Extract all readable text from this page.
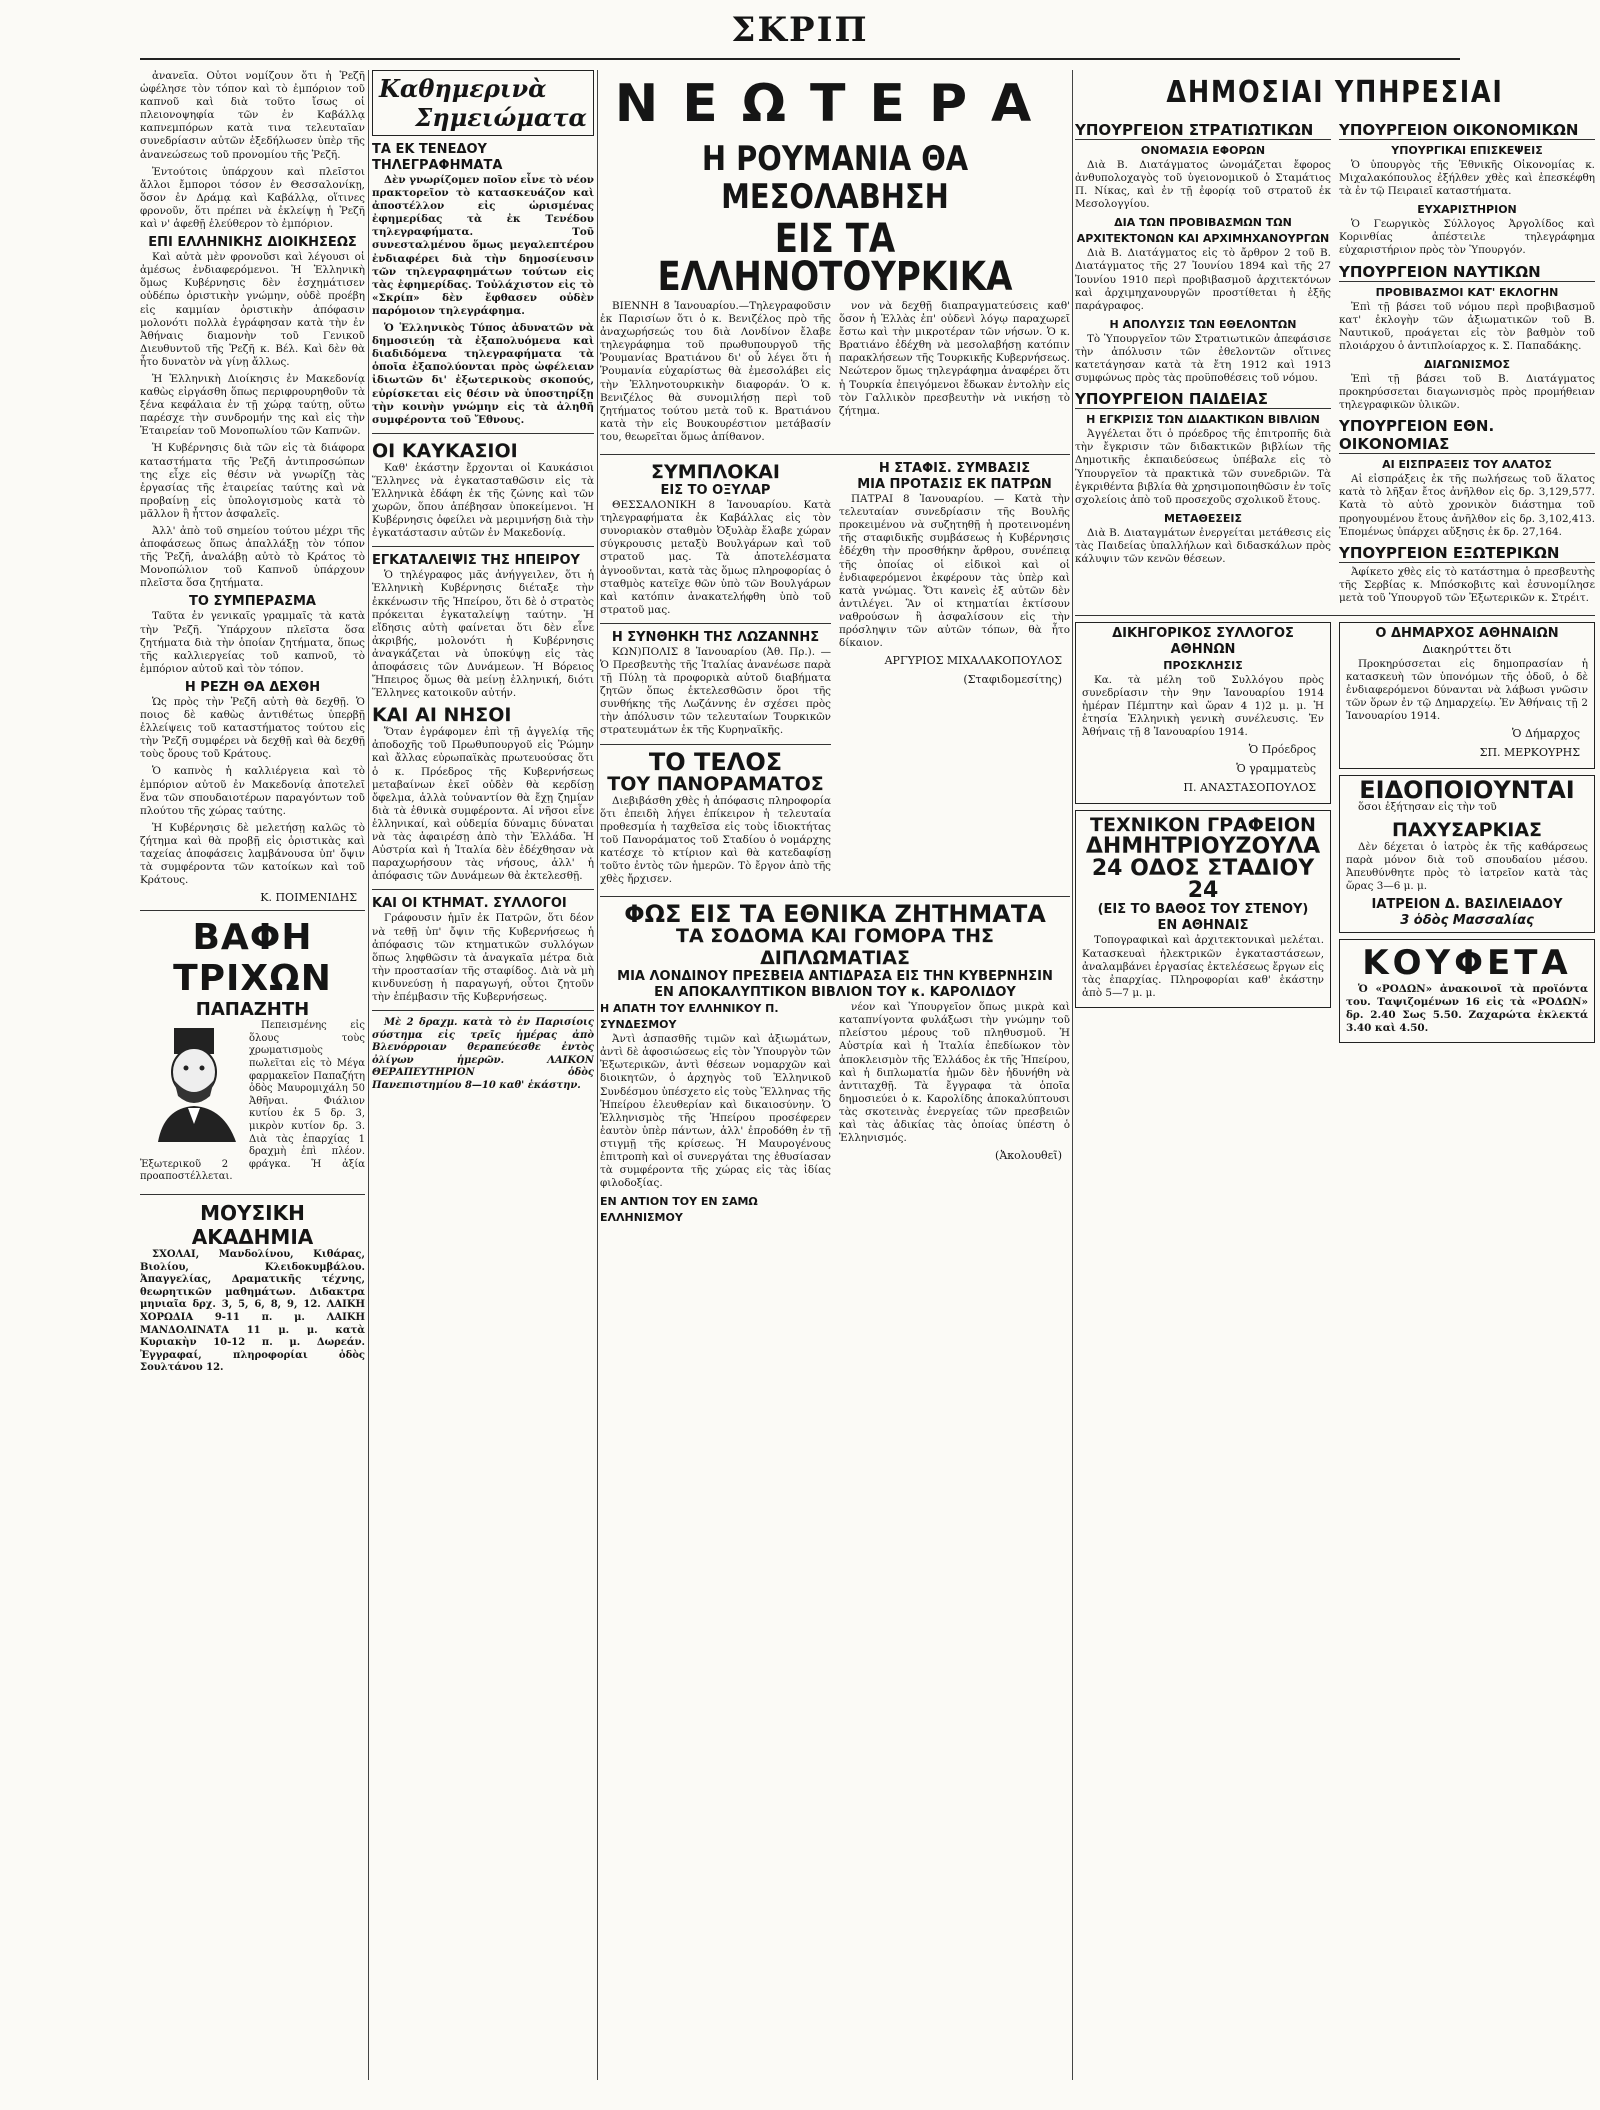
ΣΚΡΙΠ

ἀνανεῖα. Οὗτοι νομίζουν ὅτι ἡ Ῥεζῆ ὡφέλησε τὸν τόπον καὶ τὸ ἐμπόριον τοῦ καπνοῦ καὶ διὰ τοῦτο ἴσως οἱ πλειονοψηφία τῶν ἐν Καβάλλᾳ καπνεμπόρων κατὰ τινα τελευταῖαν συνεδρίασιν αὐτῶν ἐξεδήλωσεν ὑπὲρ τῆς ἀνανεώσεως τοῦ προνομίου τῆς Ῥεζῆ.

Ἐντούτοις ὑπάρχουν καὶ πλεῖστοι ἄλλοι ἔμποροι τόσον ἐν Θεσσαλονίκῃ, ὅσον ἐν Δράμᾳ καὶ Καβάλλᾳ, οἵτινες φρονοῦν, ὅτι πρέπει νὰ ἐκλείψῃ ἡ Ῥεζῆ καὶ ν' ἀφεθῇ ἐλεύθερον τὸ ἐμπόριον.

ΕΠΙ ΕΛΛΗΝΙΚΗΣ ΔΙΟΙΚΗΣΕΩΣ

Καὶ αὐτὰ μὲν φρονοῦσι καὶ λέγουσι οἱ ἀμέσως ἐνδιαφερόμενοι. Ἡ Ἑλληνικὴ ὅμως Κυβέρνησις δὲν ἐσχημάτισεν οὐδέπω ὁριστικὴν γνώμην, οὐδὲ προέβη εἰς καμμίαν ὁριστικὴν ἀπόφασιν μολονότι πολλὰ ἐγράφησαν κατὰ τὴν ἐν Ἀθήναις διαμονὴν τοῦ Γενικοῦ Διευθυντοῦ τῆς Ῥεζῆ κ. Βέλ. Καὶ δὲν θὰ ἦτο δυνατὸν νὰ γίνῃ ἄλλως.

Ἡ Ἑλληνικὴ Διοίκησις ἐν Μακεδονίᾳ καθὼς εἰργάσθη ὅπως περιφρουρηθοῦν τὰ ξένα κεφάλαια ἐν τῇ χώρᾳ ταύτῃ, οὕτω παρέσχε τὴν συνδρομήν της καὶ εἰς τὴν Ἑταιρείαν τοῦ Μονοπωλίου τῶν Καπνῶν.

Ἡ Κυβέρνησις διὰ τῶν εἰς τὰ διάφορα καταστήματα τῆς Ῥεζῆ ἀντιπροσώπων της εἶχε εἰς θέσιν νὰ γνωρίζῃ τὰς ἐργασίας τῆς ἑταιρείας ταύτης καὶ νὰ προβαίνῃ εἰς ὑπολογισμοὺς κατὰ τὸ μᾶλλον ἢ ἧττον ἀσφαλεῖς.

Ἀλλ' ἀπὸ τοῦ σημείου τούτου μέχρι τῆς ἀποφάσεως ὅπως ἀπαλλάξῃ τὸν τόπον τῆς Ῥεζῆ, ἀναλάβῃ αὐτὸ τὸ Κράτος τὸ Μονοπώλιον τοῦ Καπνοῦ ὑπάρχουν πλεῖστα ὅσα ζητήματα.

ΤΟ ΣΥΜΠΕΡΑΣΜΑ

Ταῦτα ἐν γενικαῖς γραμμαῖς τὰ κατὰ τὴν Ῥεζῆ. Ὑπάρχουν πλεῖστα ὅσα ζητήματα διὰ τὴν ὁποίαν ζητήματα, ὅπως τῆς καλλιεργείας τοῦ καπνοῦ, τὸ ἐμπόριον αὐτοῦ καὶ τὸν τόπον.

Η ΡΕΖΗ ΘΑ ΔΕΧΘΗ

Ὡς πρὸς τὴν Ῥεζῆ αὐτὴ θὰ δεχθῇ. Ὁ ποιος δὲ καθὼς ἀντιθέτως ὑπερβῇ ἐλλείψεις τοῦ καταστήματος τούτου εἰς τὴν Ῥεζῆ συμφέρει νὰ δεχθῇ καὶ θὰ δεχθῇ τοὺς ὅρους τοῦ Κράτους.

Ὁ καπνὸς ἡ καλλιέργεια καὶ τὸ ἐμπόριον αὐτοῦ ἐν Μακεδονίᾳ ἀποτελεῖ ἕνα τῶν σπουδαιοτέρων παραγόντων τοῦ πλούτου τῆς χώρας ταύτης.

Ἡ Κυβέρνησις δὲ μελετήσῃ καλῶς τὸ ζήτημα καὶ θὰ προβῇ εἰς ὁριστικὰς καὶ ταχείας ἀποφάσεις λαμβάνουσα ὑπ' ὄψιν τὰ συμφέροντα τῶν κατοίκων καὶ τοῦ Κράτους.

Κ. ΠΟΙΜΕΝΙΔΗΣ
ΒΑΦΗ ΤΡΙΧΩΝ
ΠΑΠΑΖΗΤΗ

Πεπεισμένης εἰς ὅλους τοὺς χρωματισμοὺς πωλεῖται εἰς τὸ Μέγα φαρμακεῖον Παπαζήτη ὁδὸς Μαυρομιχάλη 50 Ἀθῆναι. Φιάλιον κυτίου ἐκ 5 δρ. 3, μικρὸν κυτίον δρ. 3. Διὰ τὰς ἐπαρχίας 1 δραχμὴ ἐπὶ πλέον. Ἐξωτερικοῦ 2 φράγκα. Ἡ ἀξία προαποστέλλεται.

ΜΟΥΣΙΚΗ ΑΚΑΔΗΜΙΑ

ΣΧΟΛΑΙ, Μανδολίνου, Κιθάρας, Βιολίου, Κλειδοκυμβάλου. Ἀπαγγελίας, Δραματικῆς τέχνης, θεωρητικῶν μαθημάτων. Διδακτρα μηνιαῖα δρχ. 3, 5, 6, 8, 9, 12. ΛΑΙΚΗ ΧΟΡΩΔΙΑ 9-11 π. μ. ΛΑΙΚΗ ΜΑΝΔΟΛΙΝΑΤΑ 11 μ. μ. κατὰ Κυριακὴν 10-12 π. μ. Δωρεάν. Ἐγγραφαί, πληροφορίαι ὁδὸς Σουλτάνου 12.

Καθημερινὰ
Σημειώματα
ΤΑ ΕΚ ΤΕΝΕΔΟΥ ΤΗΛΕΓΡΑΦΗΜΑΤΑ

Δὲν γνωρίζομεν ποῖον εἶνε τὸ νέον πρακτορεῖον τὸ κατασκευάζον καὶ ἀποστέλλον εἰς ὡρισμένας ἐφημερίδας τὰ ἐκ Τενέδου τηλεγραφήματα. Τοῦ συνεσταλμένου ὅμως μεγαλεπτέρου ἐνδιαφέρει διὰ τὴν δημοσίευσιν τῶν τηλεγραφημάτων τούτων εἰς τὰς ἐφημερίδας. Τοὐλάχιστον εἰς τὸ «Σκρίπ» δὲν ἔφθασεν οὐδὲν παρόμοιον τηλεγράφημα.

Ὁ Ἑλληνικὸς Τύπος ἀδυνατῶν νὰ δημοσιεύῃ τὰ ἐξαπολυόμενα καὶ διαδιδόμενα τηλεγραφήματα τὰ ὁποῖα ἐξαπολύονται πρὸς ὠφέλειαν ἰδιωτῶν δι' ἐξωτερικοὺς σκοπούς, εὐρίσκεται εἰς θέσιν νὰ ὑποστηρίξῃ τὴν κοινὴν γνώμην εἰς τὰ ἀληθῆ συμφέροντα τοῦ Ἔθνους.

ΟΙ ΚΑΥΚΑΣΙΟΙ

Καθ' ἑκάστην ἔρχονται οἱ Καυκάσιοι Ἕλληνες νὰ ἐγκατασταθῶσιν εἰς τὰ Ἑλληνικὰ ἐδάφη ἐκ τῆς ζώνης καὶ τῶν χωρῶν, ὅπου ἀπέβησαν ὑποκείμενοι. Ἡ Κυβέρνησις ὀφείλει νὰ μεριμνήσῃ διὰ τὴν ἐγκατάστασιν αὐτῶν ἐν Μακεδονίᾳ.

ΕΓΚΑΤΑΛΕΙΨΙΣ ΤΗΣ ΗΠΕΙΡΟΥ

Ὁ τηλέγραφος μᾶς ἀνήγγειλεν, ὅτι ἡ Ἑλληνικὴ Κυβέρνησις διέταξε τὴν ἐκκένωσιν τῆς Ἠπείρου, ὅτι δὲ ὁ στρατὸς πρόκειται ἐγκαταλείψῃ ταύτην. Ἡ εἴδησις αὐτὴ φαίνεται ὅτι δὲν εἶνε ἀκριβής, μολονότι ἡ Κυβέρνησις ἀναγκάζεται νὰ ὑποκύψῃ εἰς τὰς ἀποφάσεις τῶν Δυνάμεων. Ἡ Βόρειος Ἤπειρος ὅμως θὰ μείνῃ ἑλληνική, διότι Ἕλληνες κατοικοῦν αὐτήν.

ΚΑΙ ΑΙ ΝΗΣΟΙ

Ὅταν ἐγράφομεν ἐπὶ τῇ ἀγγελίᾳ τῆς ἀποδοχῆς τοῦ Πρωθυπουργοῦ εἰς Ῥώμην καὶ ἄλλας εὐρωπαϊκὰς πρωτευούσας ὅτι ὁ κ. Πρόεδρος τῆς Κυβερνήσεως μεταβαίνων ἐκεῖ οὐδὲν θὰ κερδίσῃ ὄφελμα, ἀλλὰ τοὐναντίον θὰ ἔχῃ ζημίαν διὰ τὰ ἐθνικὰ συμφέροντα. Αἱ νῆσοι εἶνε ἑλληνικαί, καὶ οὐδεμία δύναμις δύναται νὰ τὰς ἀφαιρέσῃ ἀπὸ τὴν Ἑλλάδα. Ἡ Αὐστρία καὶ ἡ Ἰταλία δὲν ἐδέχθησαν νὰ παραχωρήσουν τὰς νήσους, ἀλλ' ἡ ἀπόφασις τῶν Δυνάμεων θὰ ἐκτελεσθῇ.

ΚΑΙ ΟΙ ΚΤΗΜΑΤ. ΣΥΛΛΟΓΟΙ

Γράφουσιν ἡμῖν ἐκ Πατρῶν, ὅτι δέον νὰ τεθῇ ὑπ' ὄψιν τῆς Κυβερνήσεως ἡ ἀπόφασις τῶν κτηματικῶν συλλόγων ὅπως ληφθῶσιν τὰ ἀναγκαῖα μέτρα διὰ τὴν προστασίαν τῆς σταφίδος. Διὰ νὰ μὴ κινδυνεύσῃ ἡ παραγωγή, οὗτοι ζητοῦν τὴν ἐπέμβασιν τῆς Κυβερνήσεως.

Μὲ 2 δραχμ. κατὰ τὸ ἐν Παρισίοις σύστημα εἰς τρεῖς ἡμέρας ἀπὸ Βλενόρροιαν θεραπεύεσθε ἐντὸς ὀλίγων ἡμερῶν. ΛΑΙΚΟΝ ΘΕΡΑΠΕΥΤΗΡΙΟΝ ὁδὸς Πανεπιστημίου 8—10 καθ' ἑκάστην.

ΝΕΩΤΕΡΑ
Η ΡΟΥΜΑΝΙΑ ΘΑ ΜΕΣΟΛΑΒΗΣΗ
ΕΙΣ ΤΑ ΕΛΛΗΝΟΤΟΥΡΚΙΚΑ

ΒΙΕΝΝΗ 8 Ἰανουαρίου.—Τηλεγραφοῦσιν ἐκ Παρισίων ὅτι ὁ κ. Βενιζέλος πρὸ τῆς ἀναχωρήσεώς του διὰ Λονδίνον ἔλαβε τηλεγράφημα τοῦ πρωθυπουργοῦ τῆς Ῥουμανίας Βρατιάνου δι' οὗ λέγει ὅτι ἡ Ῥουμανία εὐχαρίστως θὰ ἐμεσολάβει εἰς τὴν Ἑλληνοτουρκικὴν διαφοράν. Ὁ κ. Βενιζέλος θὰ συνομιλήσῃ περὶ τοῦ ζητήματος τούτου μετὰ τοῦ κ. Βρατιάνου κατὰ τὴν εἰς Βουκουρέστιον μετάβασίν του, θεωρεῖται ὅμως ἀπίθανον.

νον νὰ δεχθῇ διαπραγματεύσεις καθ' ὅσον ἡ Ἑλλὰς ἐπ' οὐδενὶ λόγῳ παραχωρεῖ ἔστω καὶ τὴν μικροτέραν τῶν νήσων. Ὁ κ. Βρατιάνο ἐδέχθη νὰ μεσολαβήσῃ κατόπιν παρακλήσεων τῆς Τουρκικῆς Κυβερνήσεως. Νεώτερον ὅμως τηλεγράφημα ἀναφέρει ὅτι ἡ Τουρκία ἐπειγόμενοι ἔδωκαν ἐντολὴν εἰς τὸν Γαλλικὸν πρεσβευτὴν νὰ νικήσῃ τὸ ζήτημα.

ΣΥΜΠΛΟΚΑΙ
ΕΙΣ ΤΟ ΟΞΥΛΑΡ

ΘΕΣΣΑΛΟΝΙΚΗ 8 Ἰανουαρίου. Κατὰ τηλεγραφήματα ἐκ Καβάλλας εἰς τὸν συνοριακὸν σταθμὸν Ὀξυλὰρ ἔλαβε χώραν σύγκρουσις μεταξὺ Βουλγάρων καὶ τοῦ στρατοῦ μας. Τὰ ἀποτελέσματα ἀγνοοῦνται, κατὰ τὰς ὅμως πληροφορίας ὁ σταθμὸς κατεῖχε θῶν ὑπὸ τῶν Βουλγάρων καὶ κατόπιν ἀνακατελήφθη ὑπὸ τοῦ στρατοῦ μας.

Η ΣΥΝΘΗΚΗ ΤΗΣ ΛΩΖΑΝΝΗΣ

ΚΩΝ)ΠΟΛΙΣ 8 Ἰανουαρίου (Ἀθ. Πρ.). — Ὁ Πρεσβευτὴς τῆς Ἰταλίας ἀνανέωσε παρὰ τῇ Πύλῃ τὰ προφορικὰ αὐτοῦ διαβήματα ζητῶν ὅπως ἐκτελεσθῶσιν ὅροι τῆς συνθήκης τῆς Λωζάννης ἐν σχέσει πρὸς τὴν ἀπόλυσιν τῶν τελευταίων Τουρκικῶν στρατευμάτων ἐκ τῆς Κυρηναϊκῆς.

ΤΟ ΤΕΛΟΣ
ΤΟΥ ΠΑΝΟΡΑΜΑΤΟΣ

Διεβιβάσθη χθὲς ἡ ἀπόφασις πληροφορία ὅτι ἐπειδὴ λήγει ἐπίκειρον ἡ τελευταία προθεσμία ἡ ταχθεῖσα εἰς τοὺς ἰδιοκτήτας τοῦ Πανοράματος τοῦ Σταδίου ὁ νομάρχης κατέσχε τὸ κτίριον καὶ θὰ κατεδαφίσῃ τοῦτο ἐντὸς τῶν ἡμερῶν. Τὸ ἔργον ἀπὸ τῆς χθὲς ἤρχισεν.

Η ΣΤΑΦΙΣ. ΣΥΜΒΑΣΙΣ
ΜΙΑ ΠΡΟΤΑΣΙΣ ΕΚ ΠΑΤΡΩΝ

ΠΑΤΡΑΙ 8 Ἰανουαρίου. — Κατὰ τὴν τελευταίαν συνεδρίασιν τῆς Βουλῆς προκειμένου νὰ συζητηθῇ ἡ προτεινομένη τῆς σταφιδικῆς συμβάσεως ἡ Κυβέρνησις ἐδέχθη τὴν προσθήκην ἄρθρου, συνέπειᾳ τῆς ὁποίας οἱ εἰδικοὶ καὶ οἱ ἐνδιαφερόμενοι ἐκφέρουν τὰς ὑπὲρ καὶ κατὰ γνώμας. Ὅτι κανεὶς ἐξ αὐτῶν δὲν ἀντιλέγει. Ἂν οἱ κτηματίαι ἐκτίσουν ναθρούσων ἢ ἀσφαλίσουν εἰς τὴν πρόσληψιν τῶν αὐτῶν τόπων, θὰ ἦτο δίκαιον.

ΑΡΓΥΡΙΟΣ ΜΙΧΑΛΑΚΟΠΟΥΛΟΣ
(Σταφιδομεσίτης)
ΦΩΣ ΕΙΣ ΤΑ ΕΘΝΙΚΑ ΖΗΤΗΜΑΤΑ
ΤΑ ΣΟΔΟΜΑ ΚΑΙ ΓΟΜΟΡΑ ΤΗΣ ΔΙΠΛΩΜΑΤΙΑΣ
ΜΙΑ ΛΟΝΔΙΝΟΥ ΠΡΕΣΒΕΙΑ ΑΝΤΙΔΡΑΣΑ ΕΙΣ ΤΗΝ ΚΥΒΕΡΝΗΣΙΝ
ΕΝ ΑΠΟΚΑΛΥΠΤΙΚΟΝ ΒΙΒΛΙΟΝ ΤΟΥ κ. ΚΑΡΟΛΙΔΟΥ
Η ΑΠΑΤΗ ΤΟΥ ΕΛΛΗΝΙΚΟΥ Π. ΣΥΝΔΕΣΜΟΥ

Ἀντὶ ἀσπασθῆς τιμῶν καὶ ἀξιωμάτων, ἀντὶ δὲ ἀφοσιώσεως εἰς τὸν Ὑπουργὸν τῶν Ἐξωτερικῶν, ἀντὶ θέσεων νομαρχῶν καὶ διοικητῶν, ὁ ἀρχηγὸς τοῦ Ἑλληνικοῦ Συνδέσμου ὑπέσχετο εἰς τοὺς Ἕλληνας τῆς Ἠπείρου ἐλευθερίαν καὶ δικαιοσύνην. Ὁ Ἑλληνισμὸς τῆς Ἠπείρου προσέφερεν ἑαυτὸν ὑπὲρ πάντων, ἀλλ' ἐπροδόθη ἐν τῇ στιγμῇ τῆς κρίσεως. Ἡ Μαυρογένους ἐπιτροπὴ καὶ οἱ συνεργάται της ἐθυσίασαν τὰ συμφέροντα τῆς χώρας εἰς τὰς ἰδίας φιλοδοξίας.

ΕΝ ΑΝΤΙΟΝ ΤΟΥ ΕΝ ΣΑΜΩ ΕΛΛΗΝΙΣΜΟΥ

νέον καὶ Ὑπουργεῖον ὅπως μικρὰ καὶ καταπνίγοντα φυλάξωσι τὴν γνώμην τοῦ πλείστου μέρους τοῦ πληθυσμοῦ. Ἡ Αὐστρία καὶ ἡ Ἰταλία ἐπεδίωκον τὸν ἀποκλεισμὸν τῆς Ἑλλάδος ἐκ τῆς Ἠπείρου, καὶ ἡ διπλωματία ἡμῶν δὲν ἠδυνήθη νὰ ἀντιταχθῇ. Τὰ ἔγγραφα τὰ ὁποῖα δημοσιεύει ὁ κ. Καρολίδης ἀποκαλύπτουσι τὰς σκοτεινὰς ἐνεργείας τῶν πρεσβειῶν καὶ τὰς ἀδικίας τὰς ὁποίας ὑπέστη ὁ Ἑλληνισμός.

(Ἀκολουθεῖ)
ΔΗΜΟΣΙΑΙ ΥΠΗΡΕΣΙΑΙ
ΥΠΟΥΡΓΕΙΟΝ ΣΤΡΑΤΙΩΤΙΚΩΝ
ΟΝΟΜΑΣΙΑ ΕΦΟΡΩΝ

Διὰ Β. Διατάγματος ὠνομάζεται ἔφορος ἀνθυπολοχαγὸς τοῦ ὑγειονομικοῦ ὁ Σταμάτιος Π. Νίκας, καὶ ἐν τῇ ἐφορίᾳ τοῦ στρατοῦ ἐκ Μεσολογγίου.

ΔΙΑ ΤΩΝ ΠΡΟΒΙΒΑΣΜΩΝ ΤΩΝ ΑΡΧΙΤΕΚΤΟΝΩΝ ΚΑΙ ΑΡΧΙΜΗΧΑΝΟΥΡΓΩΝ

Διὰ Β. Διατάγματος εἰς τὸ ἄρθρον 2 τοῦ Β. Διατάγματος τῆς 27 Ἰουνίου 1894 καὶ τῆς 27 Ἰουνίου 1910 περὶ προβιβασμοῦ ἀρχιτεκτόνων καὶ ἀρχιμηχανουργῶν προστίθεται ἡ ἑξῆς παράγραφος.

Η ΑΠΟΛΥΣΙΣ ΤΩΝ ΕΘΕΛΟΝΤΩΝ

Τὸ Ὑπουργεῖον τῶν Στρατιωτικῶν ἀπεφάσισε τὴν ἀπόλυσιν τῶν ἐθελοντῶν οἵτινες κατετάγησαν κατὰ τὰ ἔτη 1912 καὶ 1913 συμφώνως πρὸς τὰς προϋποθέσεις τοῦ νόμου.

ΥΠΟΥΡΓΕΙΟΝ ΠΑΙΔΕΙΑΣ
Η ΕΓΚΡΙΣΙΣ ΤΩΝ ΔΙΔΑΚΤΙΚΩΝ ΒΙΒΛΙΩΝ

Ἀγγέλεται ὅτι ὁ πρόεδρος τῆς ἐπιτροπῆς διὰ τὴν ἔγκρισιν τῶν διδακτικῶν βιβλίων τῆς Δημοτικῆς ἐκπαιδεύσεως ὑπέβαλε εἰς τὸ Ὑπουργεῖον τὰ πρακτικὰ τῶν συνεδριῶν. Τὰ ἐγκριθέντα βιβλία θὰ χρησιμοποιηθῶσιν ἐν τοῖς σχολείοις ἀπὸ τοῦ προσεχοῦς σχολικοῦ ἔτους.

ΜΕΤΑΘΕΣΕΙΣ

Διὰ Β. Διαταγμάτων ἐνεργείται μετάθεσις εἰς τὰς Παιδείας ὑπαλλήλων καὶ διδασκάλων πρὸς κάλυψιν τῶν κενῶν θέσεων.

ΥΠΟΥΡΓΕΙΟΝ ΟΙΚΟΝΟΜΙΚΩΝ
ΥΠΟΥΡΓΙΚΑΙ ΕΠΙΣΚΕΨΕΙΣ

Ὁ ὑπουργὸς τῆς Ἐθνικῆς Οἰκονομίας κ. Μιχαλακόπουλος ἐξήλθεν χθὲς καὶ ἐπεσκέφθη τὰ ἐν τῷ Πειραιεῖ καταστήματα.

ΕΥΧΑΡΙΣΤΗΡΙΟΝ

Ὁ Γεωργικὸς Σύλλογος Ἀργολίδος καὶ Κορινθίας ἀπέστειλε τηλεγράφημα εὐχαριστήριον πρὸς τὸν Ὑπουργόν.

ΥΠΟΥΡΓΕΙΟΝ ΝΑΥΤΙΚΩΝ
ΠΡΟΒΙΒΑΣΜΟΙ ΚΑΤ' ΕΚΛΟΓΗΝ

Ἐπὶ τῇ βάσει τοῦ νόμου περὶ προβιβασμοῦ κατ' ἐκλογὴν τῶν ἀξιωματικῶν τοῦ Β. Ναυτικοῦ, προάγεται εἰς τὸν βαθμὸν τοῦ πλοιάρχου ὁ ἀντιπλοίαρχος κ. Σ. Παπαδάκης.

ΔΙΑΓΩΝΙΣΜΟΣ

Ἐπὶ τῇ βάσει τοῦ Β. Διατάγματος προκηρύσσεται διαγωνισμὸς πρὸς προμήθειαν τηλεγραφικῶν ὑλικῶν.

ΥΠΟΥΡΓΕΙΟΝ ΕΘΝ. ΟΙΚΟΝΟΜΙΑΣ
ΑΙ ΕΙΣΠΡΑΞΕΙΣ ΤΟΥ ΑΛΑΤΟΣ

Αἱ εἰσπράξεις ἐκ τῆς πωλήσεως τοῦ ἅλατος κατὰ τὸ λῆξαν ἔτος ἀνῆλθον εἰς δρ. 3,129,577. Κατὰ τὸ αὐτὸ χρονικὸν διάστημα τοῦ προηγουμένου ἔτους ἀνῆλθον εἰς δρ. 3,102,413. Ἐπομένως ὑπάρχει αὔξησις ἐκ δρ. 27,164.

ΥΠΟΥΡΓΕΙΟΝ ΕΞΩΤΕΡΙΚΩΝ

Ἀφίκετο χθὲς εἰς τὸ κατάστημα ὁ πρεσβευτὴς τῆς Σερβίας κ. Μπόσκοβιτς καὶ ἐσυνομίλησε μετὰ τοῦ Ὑπουργοῦ τῶν Ἐξωτερικῶν κ. Στρέιτ.

ΔΙΚΗΓΟΡΙΚΟΣ ΣΥΛΛΟΓΟΣ ΑΘΗΝΩΝ
ΠΡΟΣΚΛΗΣΙΣ

Κα. τὰ μέλη τοῦ Συλλόγου πρὸς συνεδρίασιν τὴν 9ην Ἰανουαρίου 1914 ἡμέραν Πέμπτην καὶ ὥραν 4 1)2 μ. μ. Ἡ ἐτησία Ἑλληνικὴ γενικὴ συνέλευσις. Ἐν Ἀθήναις τῇ 8 Ἰανουαρίου 1914.

Ὁ Πρόεδρος
Ὁ γραμματεὺς
Π. ΑΝΑΣΤΑΣΟΠΟΥΛΟΣ
ΤΕΧΝΙΚΟΝ ΓΡΑΦΕΙΟΝ
ΔΗΜΗΤΡΙΟΥΖΟΥΛΑ
24 ΟΔΟΣ ΣΤΑΔΙΟΥ 24
(ΕΙΣ ΤΟ ΒΑΘΟΣ ΤΟΥ ΣΤΕΝΟΥ)
ΕΝ ΑΘΗΝΑΙΣ

Τοπογραφικαὶ καὶ ἀρχιτεκτονικαὶ μελέται. Κατασκευαὶ ἠλεκτρικῶν ἐγκαταστάσεων, ἀναλαμβάνει ἐργασίας ἐκτελέσεως ἔργων εἰς τὰς ἐπαρχίας. Πληροφορίαι καθ' ἑκάστην ἀπὸ 5—7 μ. μ.

Ο ΔΗΜΑΡΧΟΣ ΑΘΗΝΑΙΩΝ
Διακηρύττει ὅτι

Προκηρύσσεται εἰς δημοπρασίαν ἡ κατασκευὴ τῶν ὑπονόμων τῆς ὁδοῦ, ὁ δὲ ἐνδιαφερόμενοι δύνανται νὰ λάβωσι γνῶσιν τῶν ὅρων ἐν τῷ Δημαρχείῳ. Ἐν Ἀθήναις τῇ 2 Ἰανουαρίου 1914.

Ὁ Δήμαρχος
ΣΠ. ΜΕΡΚΟΥΡΗΣ
ΕΙΔΟΠΟΙΟΥΝΤΑΙ

ὅσοι ἐξήτησαν εἰς τὴν τοῦ

ΠΑΧΥΣΑΡΚΙΑΣ

Δὲν δέχεται ὁ ἰατρὸς ἐκ τῆς καθάρσεως παρὰ μόνον διὰ τοῦ σπουδαίου μέσου. Ἀπευθύνθητε πρὸς τὸ ἰατρεῖον κατὰ τὰς ὥρας 3—6 μ. μ.

ΙΑΤΡΕΙΟΝ Δ. ΒΑΣΙΛΕΙΑΔΟΥ
3 ὁδὸς Μασσαλίας
ΚΟΥΦΕΤΑ

Ὁ «ΡΟΔΩΝ» ἀνακοινοῖ τὰ προϊόντα του. Ταψιζομένων 16 εἰς τὰ «ΡΟΔΩΝ» δρ. 2.40 Σως 5.50. Ζαχαρώτα ἐκλεκτά 3.40 καὶ 4.50.
